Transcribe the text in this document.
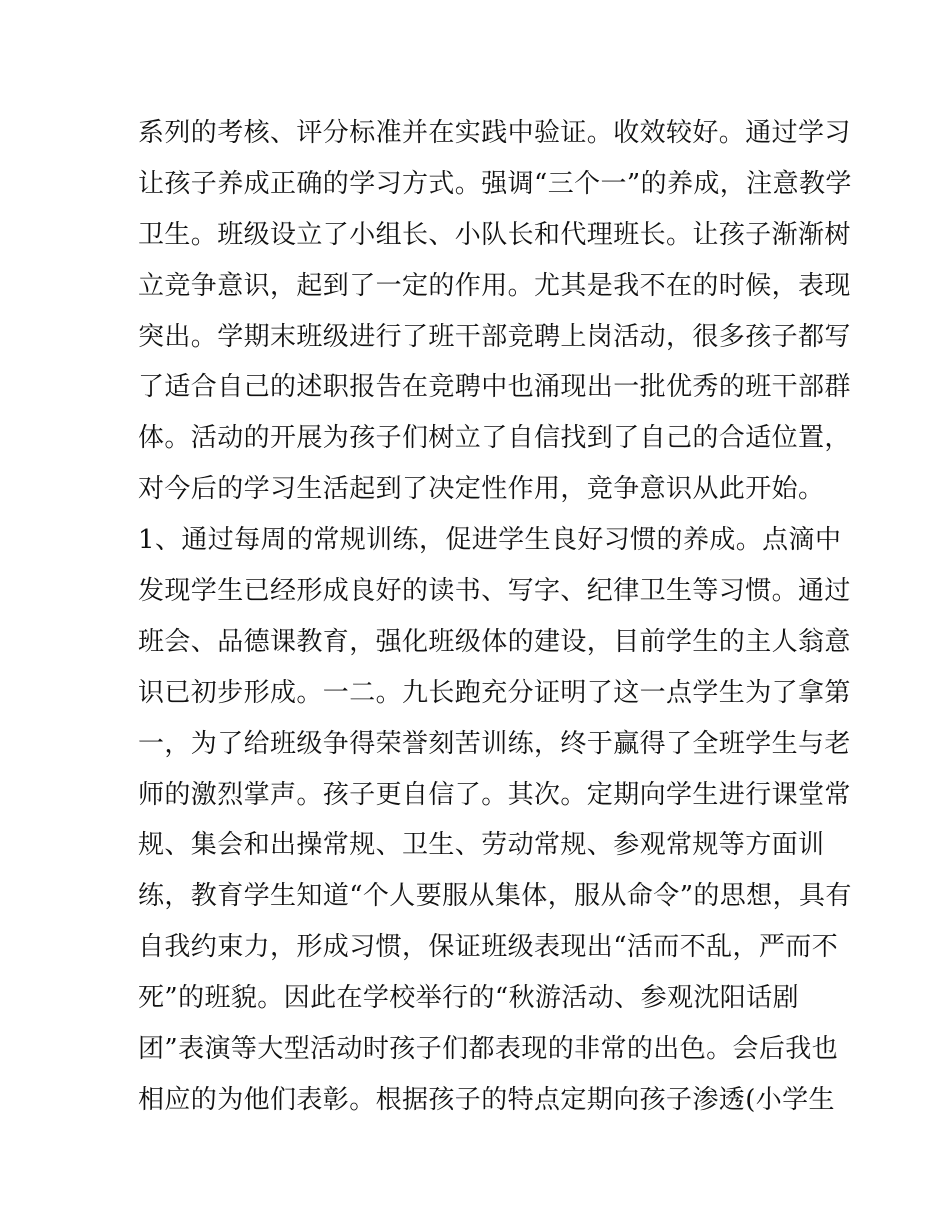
系列的考核、评分标准并在实践中验证。收效较好。通过学习
让孩子养成正确的学习方式。强调“三个一”的养成，注意教学
卫生。班级设立了小组长、小队长和代理班长。让孩子渐渐树
立竞争意识，起到了一定的作用。尤其是我不在的时候，表现
突出。学期末班级进行了班干部竞聘上岗活动，很多孩子都写
了适合自己的述职报告在竞聘中也涌现出一批优秀的班干部群
体。活动的开展为孩子们树立了自信找到了自己的合适位置，
对今后的学习生活起到了决定性作用，竞争意识从此开始。
1、通过每周的常规训练，促进学生良好习惯的养成。点滴中
发现学生已经形成良好的读书、写字、纪律卫生等习惯。通过
班会、品德课教育，强化班级体的建设，目前学生的主人翁意
识已初步形成。一二。九长跑充分证明了这一点学生为了拿第
一，为了给班级争得荣誉刻苦训练，终于赢得了全班学生与老
师的激烈掌声。孩子更自信了。其次。定期向学生进行课堂常
规、集会和出操常规、卫生、劳动常规、参观常规等方面训
练，教育学生知道“个人要服从集体，服从命令”的思想，具有
自我约束力，形成习惯，保证班级表现出“活而不乱，严而不
死”的班貌。因此在学校举行的“秋游活动、参观沈阳话剧
团”表演等大型活动时孩子们都表现的非常的出色。会后我也
相应的为他们表彰。根据孩子的特点定期向孩子渗透(小学生
